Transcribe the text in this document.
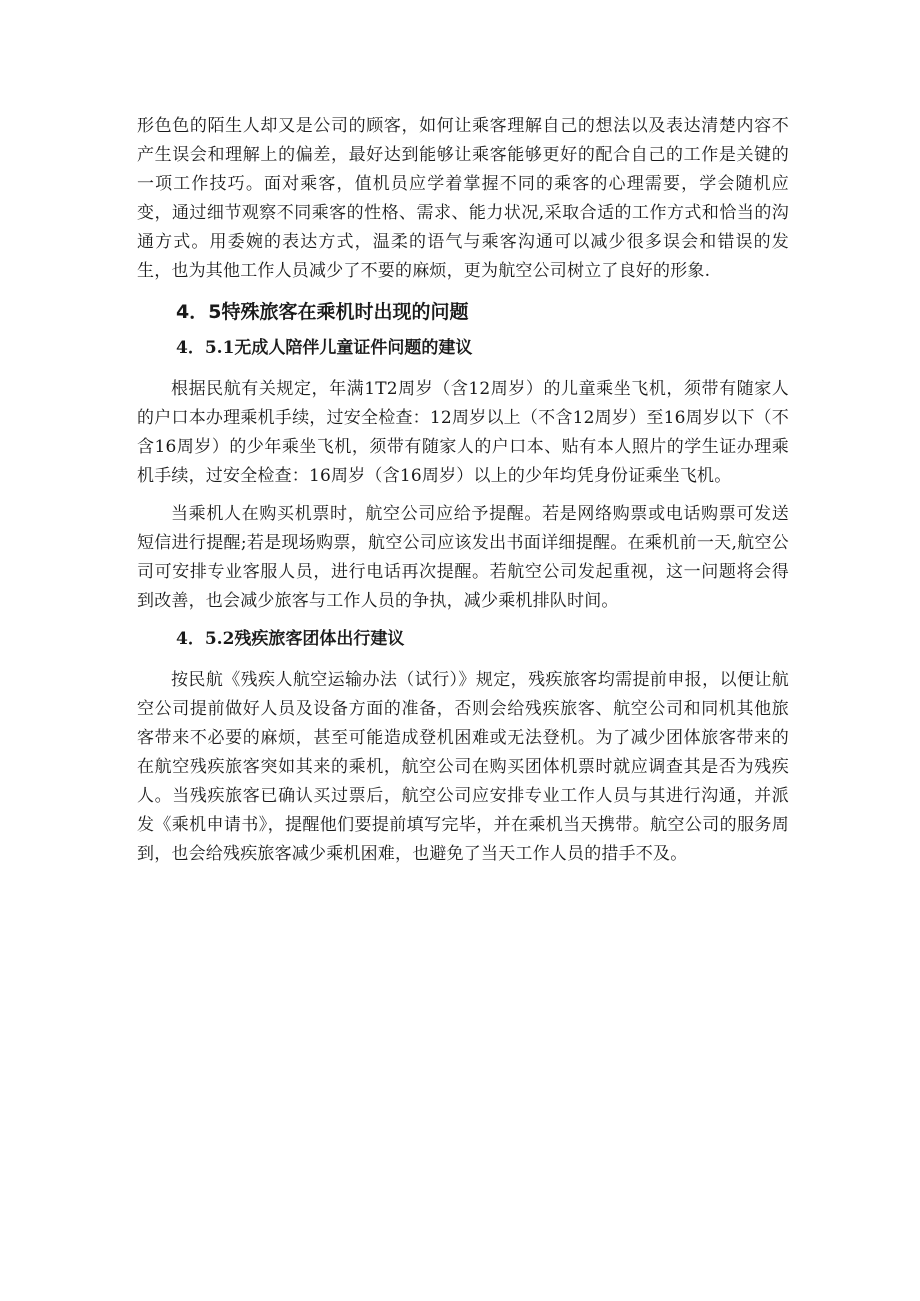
形色色的陌生人却又是公司的顾客，如何让乘客理解自己的想法以及表达清楚内容不产生误会和理解上的偏差，最好达到能够让乘客能够更好的配合自己的工作是关键的一项工作技巧。面对乘客，值机员应学着掌握不同的乘客的心理需要，学会随机应变，通过细节观察不同乘客的性格、需求、能力状况,采取合适的工作方式和恰当的沟通方式。用委婉的表达方式，温柔的语气与乘客沟通可以减少很多误会和错误的发生，也为其他工作人员减少了不要的麻烦，更为航空公司树立了良好的形象.

4．5特殊旅客在乘机时出现的问题
4．5.1无成人陪伴儿童证件问题的建议

根据民航有关规定，年满1T2周岁（含12周岁）的儿童乘坐飞机，须带有随家人的户口本办理乘机手续，过安全检查：12周岁以上（不含12周岁）至16周岁以下（不含16周岁）的少年乘坐飞机，须带有随家人的户口本、贴有本人照片的学生证办理乘机手续，过安全检查：16周岁（含16周岁）以上的少年均凭身份证乘坐飞机。

当乘机人在购买机票时，航空公司应给予提醒。若是网络购票或电话购票可发送短信进行提醒;若是现场购票，航空公司应该发出书面详细提醒。在乘机前一天,航空公司可安排专业客服人员，进行电话再次提醒。若航空公司发起重视，这一问题将会得到改善，也会减少旅客与工作人员的争执，减少乘机排队时间。

4．5.2残疾旅客团体出行建议

按民航《残疾人航空运输办法（试行）》规定，残疾旅客均需提前申报，以便让航空公司提前做好人员及设备方面的准备，否则会给残疾旅客、航空公司和同机其他旅客带来不必要的麻烦，甚至可能造成登机困难或无法登机。为了减少团体旅客带来的在航空残疾旅客突如其来的乘机，航空公司在购买团体机票时就应调查其是否为残疾人。当残疾旅客已确认买过票后，航空公司应安排专业工作人员与其进行沟通，并派发《乘机申请书》，提醒他们要提前填写完毕，并在乘机当天携带。航空公司的服务周到，也会给残疾旅客减少乘机困难，也避免了当天工作人员的措手不及。
